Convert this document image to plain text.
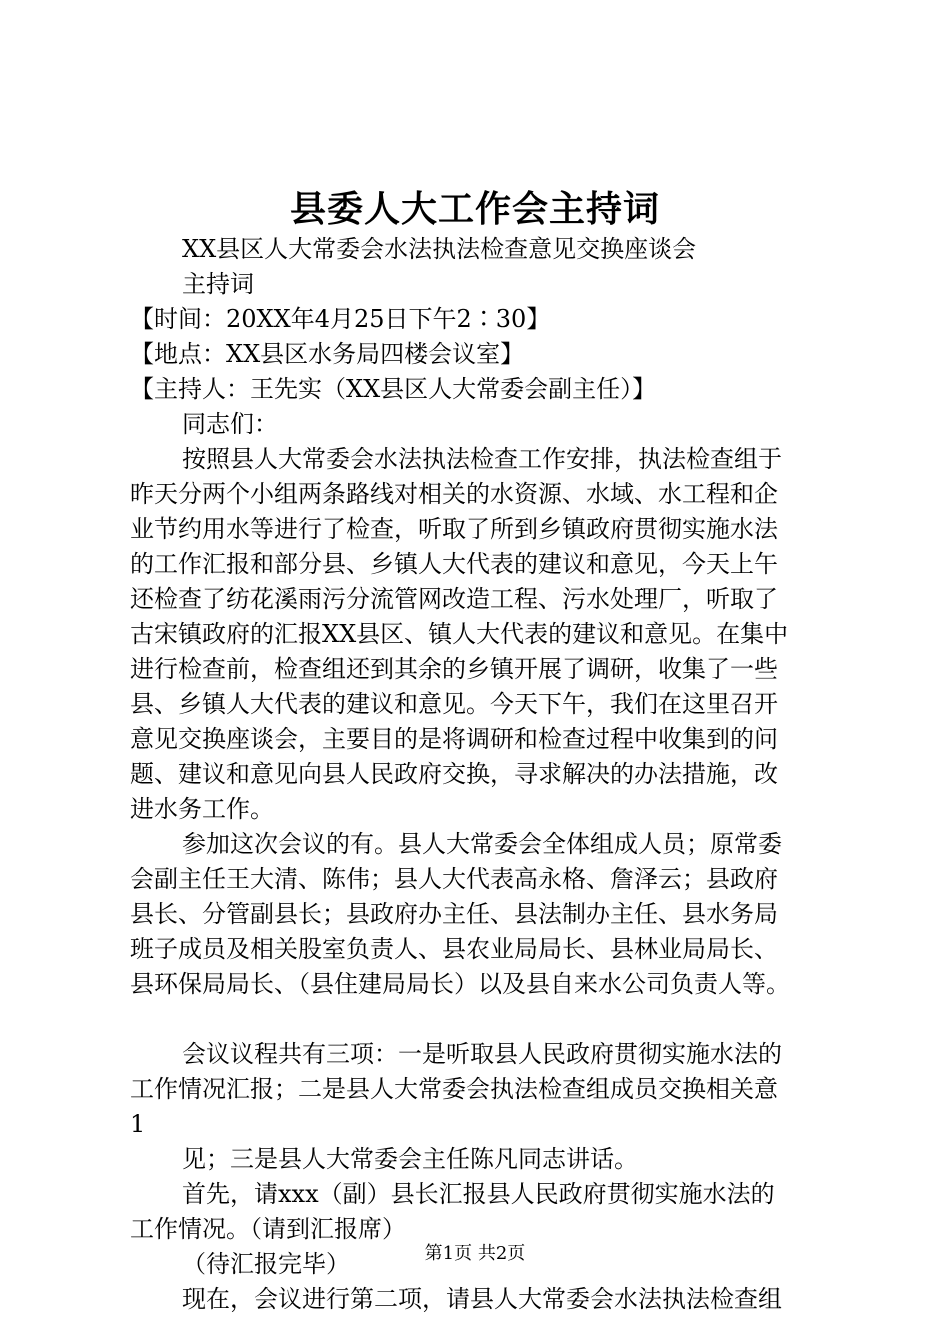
县委人大工作会主持词
XX县区人大常委会水法执法检查意见交换座谈会
主持词
【时间：20XX年4月25日下午2∶30】
【地点：XX县区水务局四楼会议室】
【主持人：王先实（XX县区人大常委会副主任）】
同志们：
按照县人大常委会水法执法检查工作安排，执法检查组于
昨天分两个小组两条路线对相关的水资源、水域、水工程和企
业节约用水等进行了检查，听取了所到乡镇政府贯彻实施水法
的工作汇报和部分县、乡镇人大代表的建议和意见，今天上午
还检查了纺花溪雨污分流管网改造工程、污水处理厂，听取了
古宋镇政府的汇报XX县区、镇人大代表的建议和意见。在集中
进行检查前，检查组还到其余的乡镇开展了调研，收集了一些
县、乡镇人大代表的建议和意见。今天下午，我们在这里召开
意见交换座谈会，主要目的是将调研和检查过程中收集到的问
题、建议和意见向县人民政府交换，寻求解决的办法措施，改
进水务工作。
参加这次会议的有。县人大常委会全体组成人员；原常委
会副主任王大清、陈伟；县人大代表高永格、詹泽云；县政府
县长、分管副县长；县政府办主任、县法制办主任、县水务局
班子成员及相关股室负责人、县农业局局长、县林业局局长、
县环保局局长、（县住建局局长）以及县自来水公司负责人等。
会议议程共有三项：一是听取县人民政府贯彻实施水法的
工作情况汇报；二是县人大常委会执法检查组成员交换相关意
1
见；三是县人大常委会主任陈凡同志讲话。
首先，请xxx（副）县长汇报县人民政府贯彻实施水法的
工作情况。（请到汇报席）
（待汇报完毕）
现在，会议进行第二项，请县人大常委会水法执法检查组
第1页 共2页
